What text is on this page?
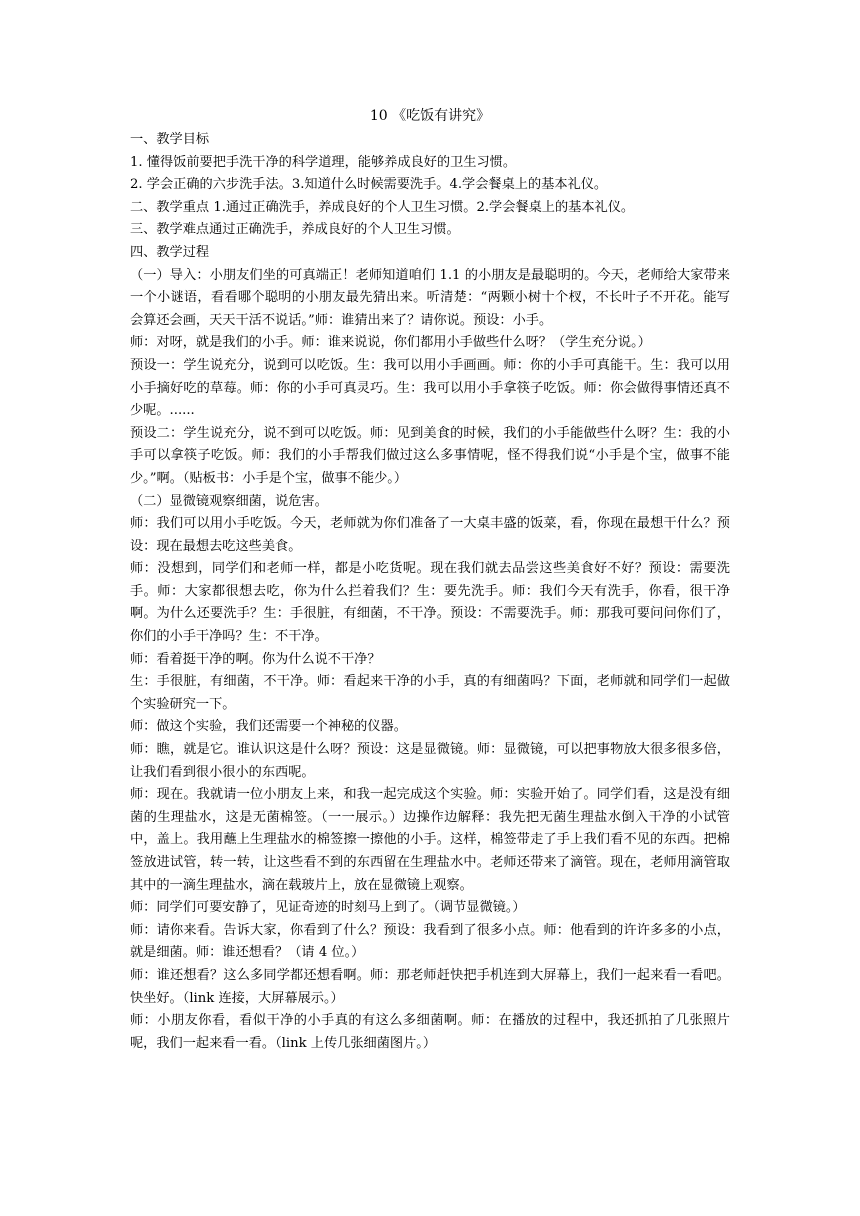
10 《吃饭有讲究》

一、教学目标

1. 懂得饭前要把手洗干净的科学道理，能够养成良好的卫生习惯。

2. 学会正确的六步洗手法。3.知道什么时候需要洗手。4.学会餐桌上的基本礼仪。

二、教学重点 1.通过正确洗手，养成良好的个人卫生习惯。2.学会餐桌上的基本礼仪。

三、教学难点通过正确洗手，养成良好的个人卫生习惯。

四、教学过程

（一）导入：小朋友们坐的可真端正！老师知道咱们 1.1 的小朋友是最聪明的。今天，老师给大家带来一个小谜语，看看哪个聪明的小朋友最先猜出来。听清楚：“两颗小树十个杈，不长叶子不开花。能写会算还会画，天天干活不说话。”师：谁猜出来了？请你说。预设：小手。

师：对呀，就是我们的小手。师：谁来说说，你们都用小手做些什么呀？（学生充分说。）

预设一：学生说充分，说到可以吃饭。生：我可以用小手画画。师：你的小手可真能干。生：我可以用小手摘好吃的草莓。师：你的小手可真灵巧。生：我可以用小手拿筷子吃饭。师：你会做得事情还真不少呢。......

预设二：学生说充分，说不到可以吃饭。师：见到美食的时候，我们的小手能做些什么呀？生：我的小手可以拿筷子吃饭。师：我们的小手帮我们做过这么多事情呢，怪不得我们说“小手是个宝，做事不能少。”啊。（贴板书：小手是个宝，做事不能少。）

（二）显微镜观察细菌，说危害。

师：我们可以用小手吃饭。今天，老师就为你们准备了一大桌丰盛的饭菜，看，你现在最想干什么？预设：现在最想去吃这些美食。

师：没想到，同学们和老师一样，都是小吃货呢。现在我们就去品尝这些美食好不好？预设：需要洗手。师：大家都很想去吃，你为什么拦着我们？生：要先洗手。师：我们今天有洗手，你看，很干净啊。为什么还要洗手？生：手很脏，有细菌，不干净。预设：不需要洗手。师：那我可要问问你们了，你们的小手干净吗？生：不干净。

师：看着挺干净的啊。你为什么说不干净？

生：手很脏，有细菌，不干净。师：看起来干净的小手，真的有细菌吗？下面，老师就和同学们一起做个实验研究一下。

师：做这个实验，我们还需要一个神秘的仪器。

师：瞧，就是它。谁认识这是什么呀？预设：这是显微镜。师：显微镜，可以把事物放大很多很多倍，让我们看到很小很小的东西呢。

师：现在。我就请一位小朋友上来，和我一起完成这个实验。师：实验开始了。同学们看，这是没有细菌的生理盐水，这是无菌棉签。（一一展示。）边操作边解释：我先把无菌生理盐水倒入干净的小试管中，盖上。我用蘸上生理盐水的棉签擦一擦他的小手。这样，棉签带走了手上我们看不见的东西。把棉签放进试管，转一转，让这些看不到的东西留在生理盐水中。老师还带来了滴管。现在，老师用滴管取其中的一滴生理盐水，滴在载玻片上，放在显微镜上观察。

师：同学们可要安静了，见证奇迹的时刻马上到了。（调节显微镜。）

师：请你来看。告诉大家，你看到了什么？预设：我看到了很多小点。师：他看到的许许多多的小点，就是细菌。师：谁还想看？（请 4 位。）

师：谁还想看？这么多同学都还想看啊。师：那老师赶快把手机连到大屏幕上，我们一起来看一看吧。快坐好。（link 连接，大屏幕展示。）

师：小朋友你看，看似干净的小手真的有这么多细菌啊。师：在播放的过程中，我还抓拍了几张照片呢，我们一起来看一看。（link 上传几张细菌图片。）
